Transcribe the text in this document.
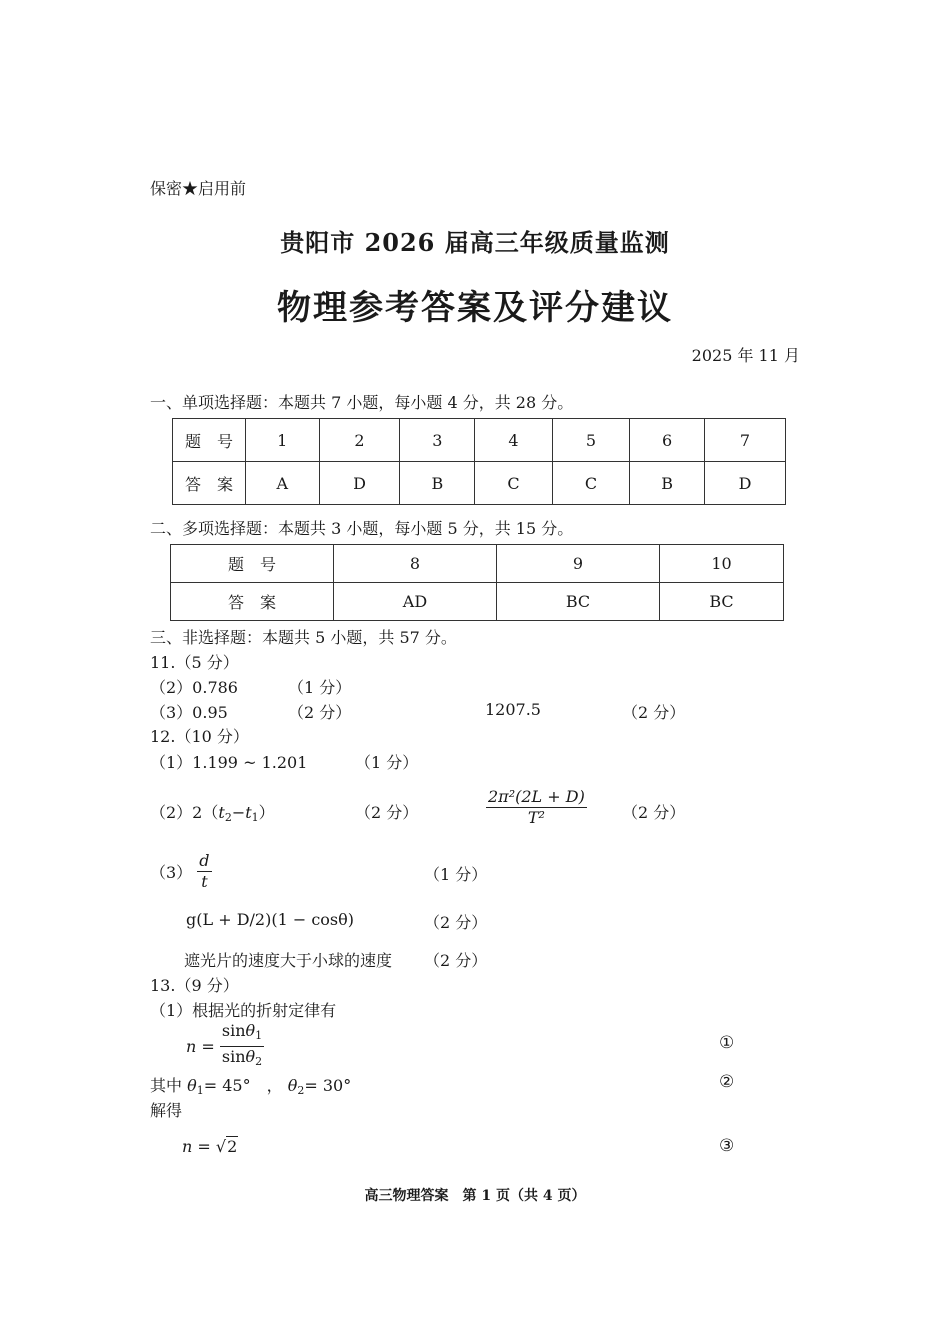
保密★启用前
贵阳市 2026 届高三年级质量监测
物理参考答案及评分建议
2025 年 11 月
一、单项选择题：本题共 7 小题，每小题 4 分，共 28 分。
题　号	1	2	3	4	5	6	7
答　案	A	D	B	C	C	B	D
二、多项选择题：本题共 3 小题，每小题 5 分，共 15 分。
题　号	8	9	10
答　案	AD	BC	BC
三、非选择题：本题共 5 小题，共 57 分。
11.（5 分）
（2）0.786	（1 分）
（3）0.95	（2 分）	1207.5	（2 分）
12.（10 分）
（1）1.199 ~ 1.201	（1 分）
$(2)2(t_2-t_1)$	（2 分）	$\frac{\text{2π²(2L + D)}}{\text{T²}} (2$ 分）
$(3) \frac{d}{t}$	（1 分）
g(L + D/2)(1 − cosθ)	（2 分）
遮光片的速度大于小球的速度 （2 分）
13.（9 分）
（1）根据光的折射定律有
$n = \frac{\sin\theta_1}{\sin\theta_2}$	①
其中 $\theta_1= 45^\circ$　， $\theta_2= 30^\circ$	②
解得
n = √2	③
高三物理答案　第 1 页（共 4 页）
